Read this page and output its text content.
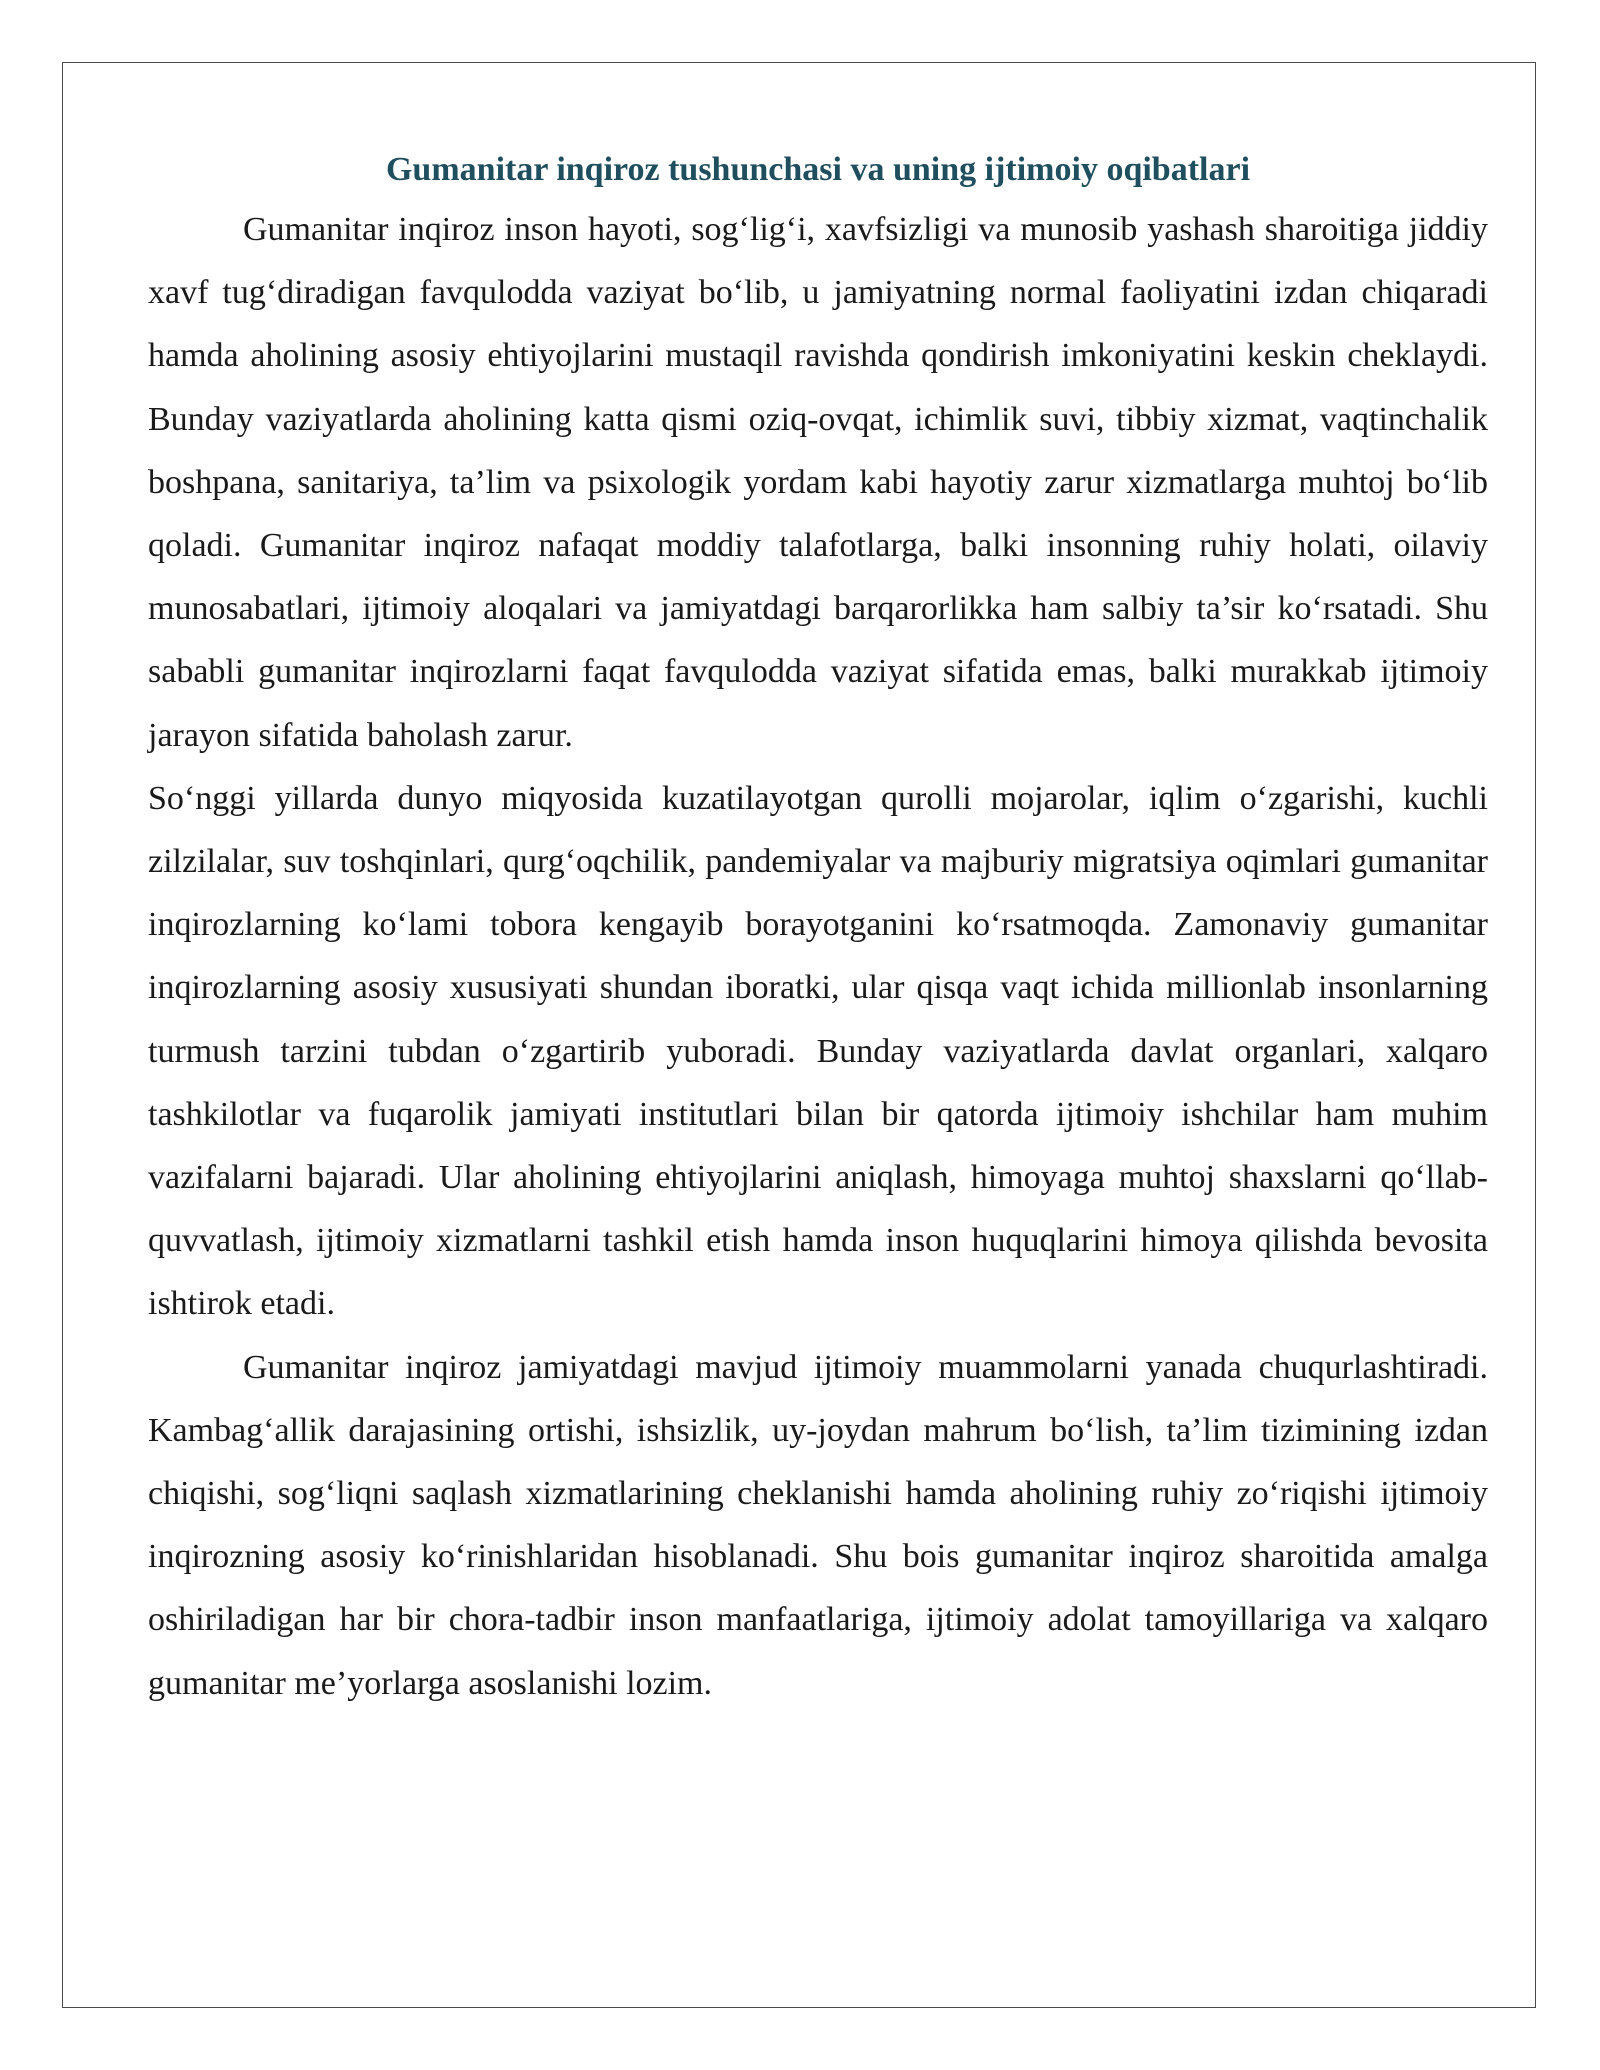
Gumanitar inqiroz tushunchasi va uning ijtimoiy oqibatlari

Gumanitar inqiroz inson hayoti, sog‘lig‘i, xavfsizligi va munosib yashash sharoitiga jiddiy xavf tug‘diradigan favqulodda vaziyat bo‘lib, u jamiyatning normal faoliyatini izdan chiqaradi hamda aholining asosiy ehtiyojlarini mustaqil ravishda qondirish imkoniyatini keskin cheklaydi. Bunday vaziyatlarda aholining katta qismi oziq-ovqat, ichimlik suvi, tibbiy xizmat, vaqtinchalik boshpana, sanitariya, ta’lim va psixologik yordam kabi hayotiy zarur xizmatlarga muhtoj bo‘lib qoladi. Gumanitar inqiroz nafaqat moddiy talafotlarga, balki insonning ruhiy holati, oilaviy munosabatlari, ijtimoiy aloqalari va jamiyatdagi barqarorlikka ham salbiy ta’sir ko‘rsatadi. Shu sababli gumanitar inqirozlarni faqat favqulodda vaziyat sifatida emas, balki murakkab ijtimoiy jarayon sifatida baholash zarur.

So‘nggi yillarda dunyo miqyosida kuzatilayotgan qurolli mojarolar, iqlim o‘zgarishi, kuchli zilzilalar, suv toshqinlari, qurg‘oqchilik, pandemiyalar va majburiy migratsiya oqimlari gumanitar inqirozlarning ko‘lami tobora kengayib borayotganini ko‘rsatmoqda. Zamonaviy gumanitar inqirozlarning asosiy xususiyati shundan iboratki, ular qisqa vaqt ichida millionlab insonlarning turmush tarzini tubdan o‘zgartirib yuboradi. Bunday vaziyatlarda davlat organlari, xalqaro tashkilotlar va fuqarolik jamiyati institutlari bilan bir qatorda ijtimoiy ishchilar ham muhim vazifalarni bajaradi. Ular aholining ehtiyojlarini aniqlash, himoyaga muhtoj shaxslarni qo‘llab-quvvatlash, ijtimoiy xizmatlarni tashkil etish hamda inson huquqlarini himoya qilishda bevosita ishtirok etadi.

Gumanitar inqiroz jamiyatdagi mavjud ijtimoiy muammolarni yanada chuqurlashtiradi. Kambag‘allik darajasining ortishi, ishsizlik, uy-joydan mahrum bo‘lish, ta’lim tizimining izdan chiqishi, sog‘liqni saqlash xizmatlarining cheklanishi hamda aholining ruhiy zo‘riqishi ijtimoiy inqirozning asosiy ko‘rinishlaridan hisoblanadi. Shu bois gumanitar inqiroz sharoitida amalga oshiriladigan har bir chora-tadbir inson manfaatlariga, ijtimoiy adolat tamoyillariga va xalqaro gumanitar me’yorlarga asoslanishi lozim.
